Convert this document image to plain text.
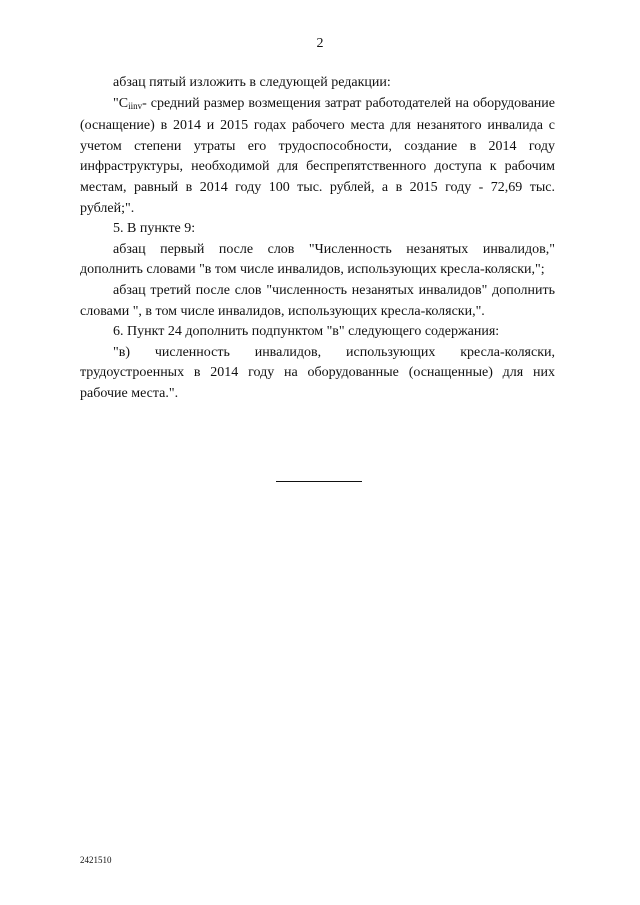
2

абзац пятый изложить в следующей редакции:

"$C_{iinv}-$ средний размер возмещения затрат работодателей на оборудование (оснащение) в 2014 и 2015 годах рабочего места для незанятого инвалида с учетом степени утраты его трудоспособности, создание в 2014 году инфраструктуры, необходимой для беспрепятственного доступа к рабочим местам, равный в 2014 году 100 тыс. рублей, а в 2015 году - 72,69 тыс. рублей;".

5. В пункте 9:

абзац первый после слов "Численность незанятых инвалидов," дополнить словами "в том числе инвалидов, использующих кресла-коляски,";

абзац третий после слов "численность незанятых инвалидов" дополнить словами ", в том числе инвалидов, использующих кресла-коляски,".

6. Пункт 24 дополнить подпунктом "в" следующего содержания:

"в) численность инвалидов, использующих кресла-коляски, трудоустроенных в 2014 году на оборудованные (оснащенные) для них рабочие места.".

2421510
